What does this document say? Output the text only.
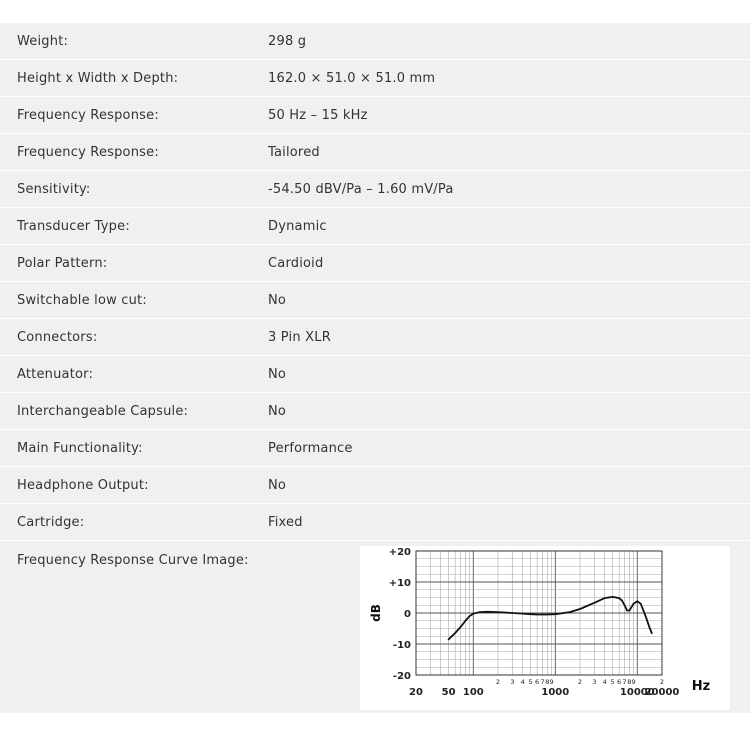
Weight:	298 g
Height x Width x Depth:	162.0 × 51.0 × 51.0 mm
Frequency Response:	50 Hz – 15 kHz
Frequency Response:	Tailored
Sensitivity:	-54.50 dBV/Pa – 1.60 mV/Pa
Transducer Type:	Dynamic
Polar Pattern:	Cardioid
Switchable low cut:	No
Connectors:	3 Pin XLR
Attenuator:	No
Interchangeable Capsule:	No
Main Functionality:	Performance
Headphone Output:	No
Cartridge:	Fixed
Frequency Response Curve Image:
+20
+10
0
-10
-20
dB
20 50 100	1000	10000
20000
2 3 4 5 6 7 8 9	2 3 4 5 6 7 8 9	2 Hz
